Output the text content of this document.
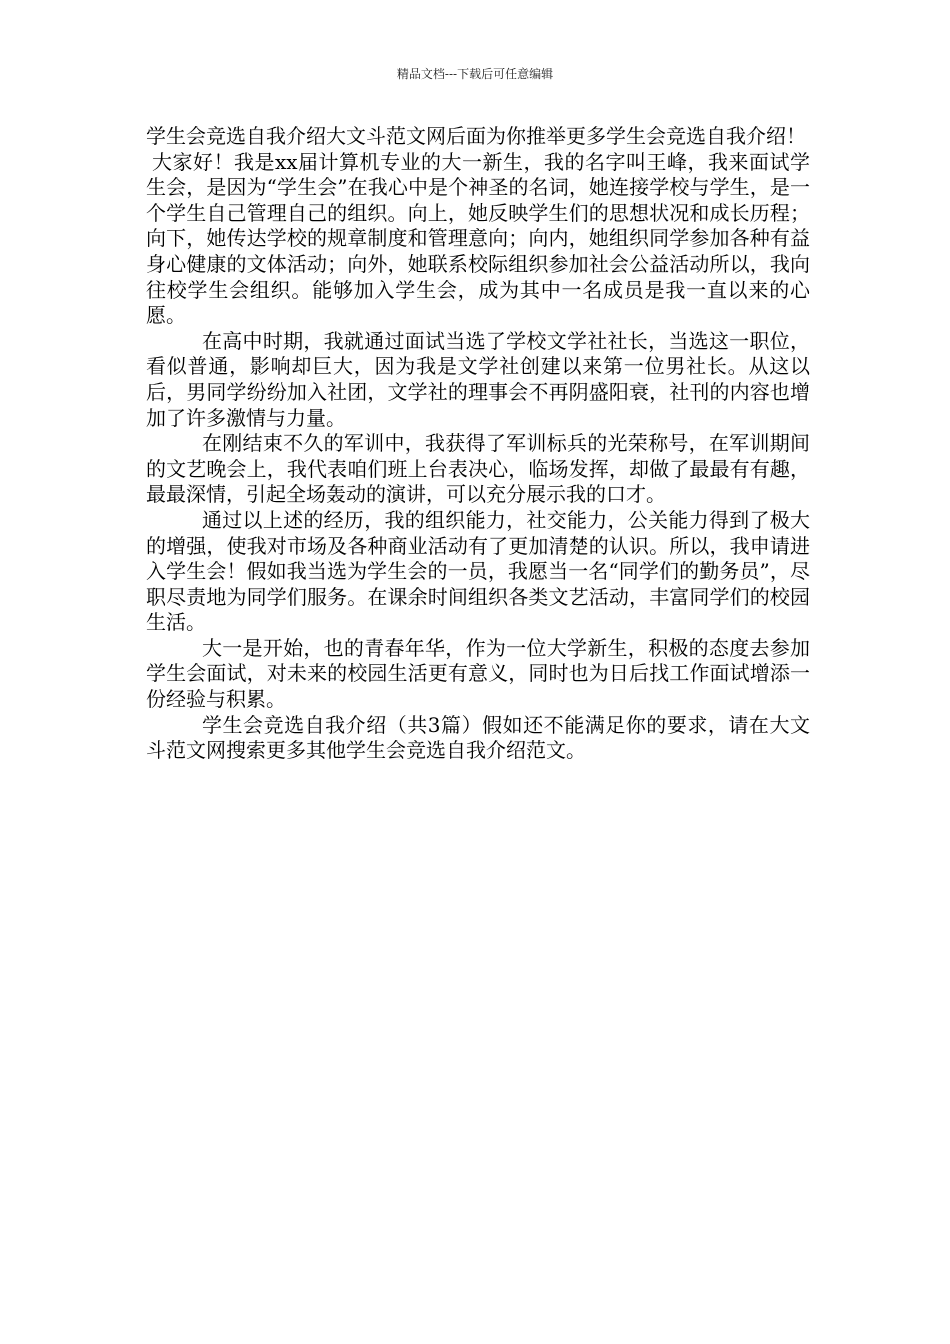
精品文档---下载后可任意编辑

学生会竞选自我介绍大文斗范文网后面为你推举更多学生会竞选自我介绍！

大家好！我是xx届计算机专业的大一新生，我的名字叫王峰，我来面试学生会，是因为“学生会”在我心中是个神圣的名词，她连接学校与学生，是一个学生自己管理自己的组织。向上，她反映学生们的思想状况和成长历程；向下，她传达学校的规章制度和管理意向；向内，她组织同学参加各种有益身心健康的文体活动；向外，她联系校际组织参加社会公益活动所以，我向往校学生会组织。能够加入学生会，成为其中一名成员是我一直以来的心愿。

在高中时期，我就通过面试当选了学校文学社社长，当选这一职位，看似普通，影响却巨大，因为我是文学社创建以来第一位男社长。从这以后，男同学纷纷加入社团，文学社的理事会不再阴盛阳衰，社刊的内容也增加了许多激情与力量。

在刚结束不久的军训中，我获得了军训标兵的光荣称号，在军训期间的文艺晚会上，我代表咱们班上台表决心，临场发挥，却做了最最有有趣，最最深情，引起全场轰动的演讲，可以充分展示我的口才。

通过以上述的经历，我的组织能力，社交能力，公关能力得到了极大的增强，使我对市场及各种商业活动有了更加清楚的认识。所以，我申请进入学生会！假如我当选为学生会的一员，我愿当一名“同学们的勤务员”，尽职尽责地为同学们服务。在课余时间组织各类文艺活动，丰富同学们的校园生活。

大一是开始，也的青春年华，作为一位大学新生，积极的态度去参加学生会面试，对未来的校园生活更有意义，同时也为日后找工作面试增添一份经验与积累。

学生会竞选自我介绍（共3篇）假如还不能满足你的要求，请在大文斗范文网搜索更多其他学生会竞选自我介绍范文。
